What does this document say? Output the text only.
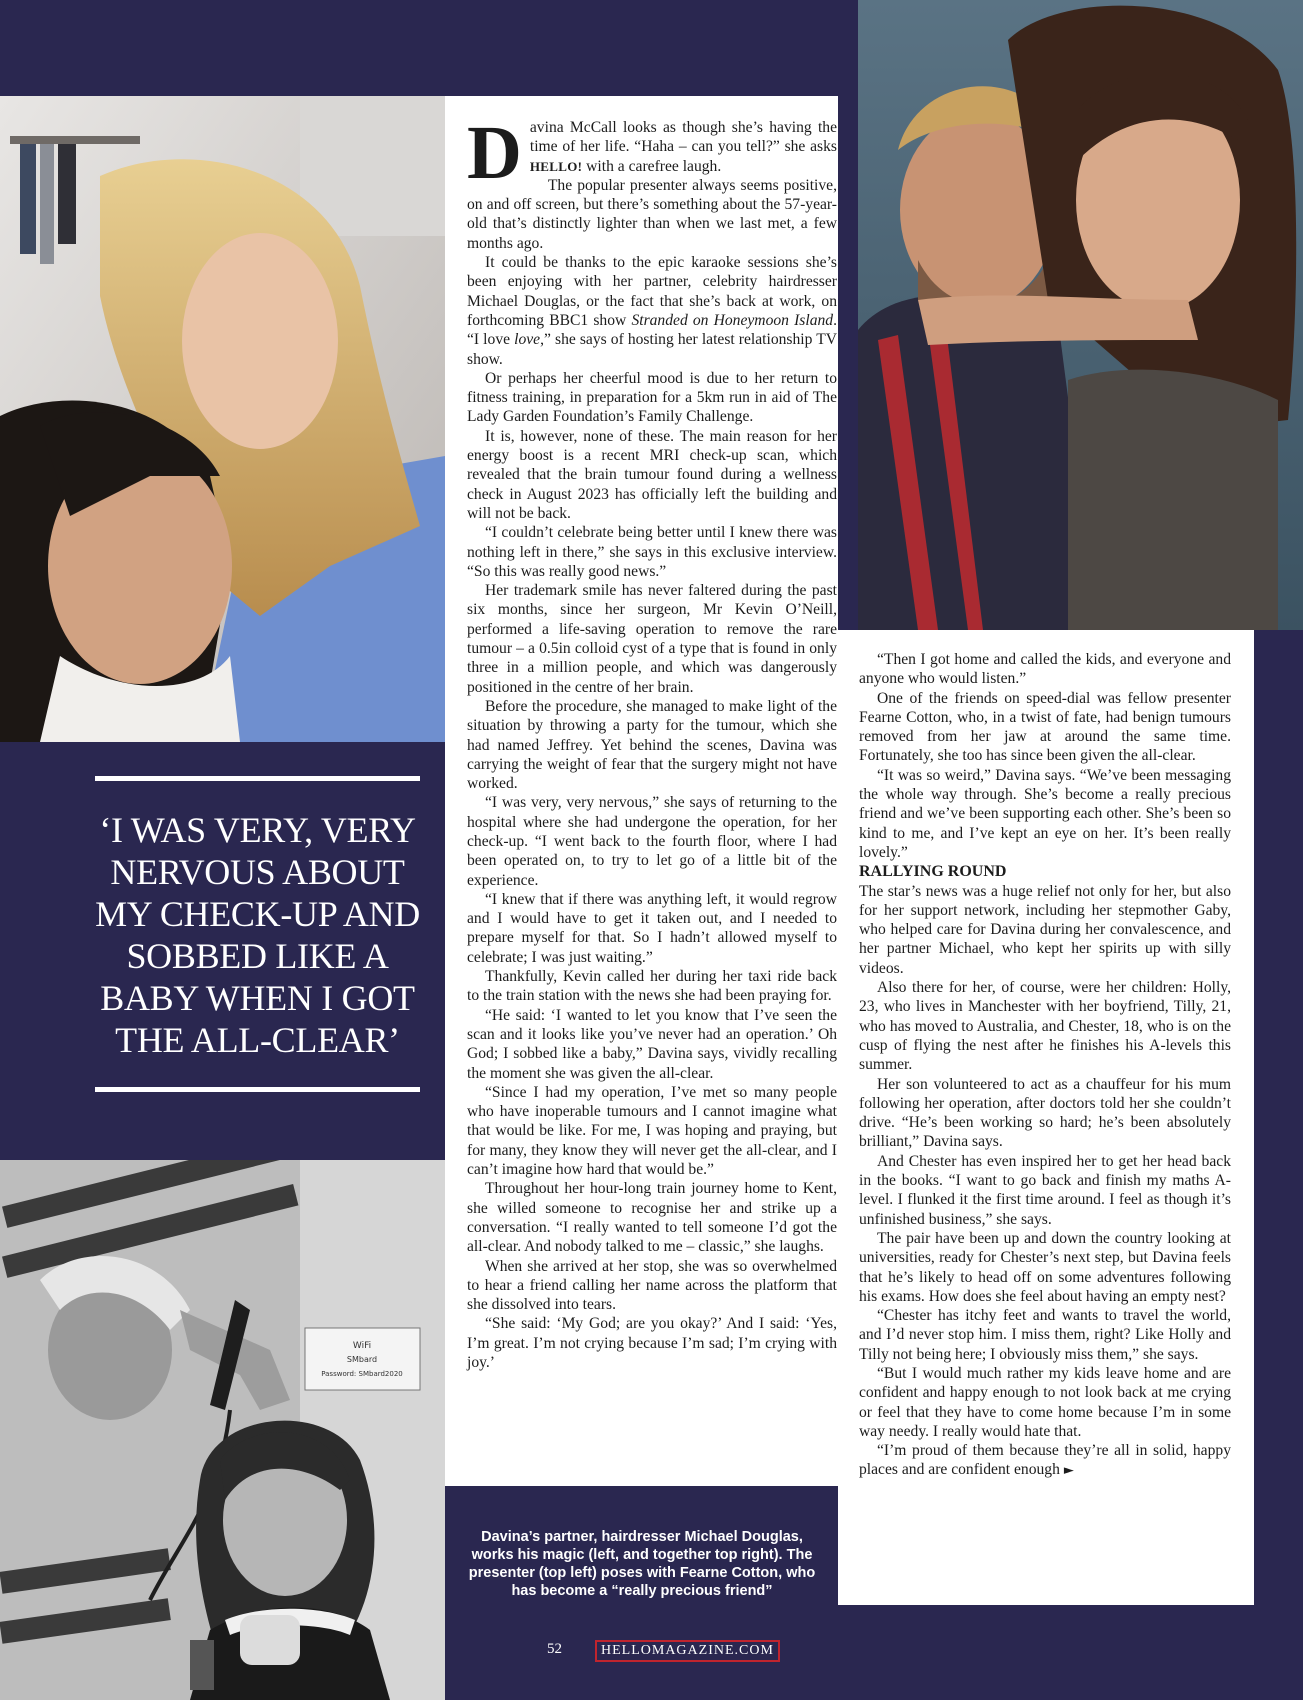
WiFi
SMbard
Password: SMbard2020

Davina McCall looks as though she’s having the time of her life. “Haha – can you tell?” she asks HELLO! with a carefree laugh.

The popular presenter always seems positive, on and off screen, but there’s something about the 57-year-old that’s distinctly lighter than when we last met, a few months ago.

It could be thanks to the epic karaoke sessions she’s been enjoying with her partner, celebrity hairdresser Michael Douglas, or the fact that she’s back at work, on forthcoming BBC1 show Stranded on Honeymoon Island. “I love love,” she says of hosting her latest relationship TV show.

Or perhaps her cheerful mood is due to her return to fitness training, in preparation for a 5km run in aid of The Lady Garden Foundation’s Family Challenge.

It is, however, none of these. The main reason for her energy boost is a recent MRI check-up scan, which revealed that the brain tumour found during a wellness check in August 2023 has officially left the building and will not be back.

“I couldn’t celebrate being better until I knew there was nothing left in there,” she says in this exclusive interview. “So this was really good news.”

Her trademark smile has never faltered during the past six months, since her surgeon, Mr Kevin O’Neill, performed a life-saving operation to remove the rare tumour – a 0.5in colloid cyst of a type that is found in only three in a million people, and which was dangerously positioned in the centre of her brain.

Before the procedure, she managed to make light of the situation by throwing a party for the tumour, which she had named Jeffrey. Yet behind the scenes, Davina was carrying the weight of fear that the surgery might not have worked.

“I was very, very nervous,” she says of returning to the hospital where she had undergone the operation, for her check-up. “I went back to the fourth floor, where I had been operated on, to try to let go of a little bit of the experience.

“I knew that if there was anything left, it would regrow and I would have to get it taken out, and I needed to prepare myself for that. So I hadn’t allowed myself to celebrate; I was just waiting.”

Thankfully, Kevin called her during her taxi ride back to the train station with the news she had been praying for.

“He said: ‘I wanted to let you know that I’ve seen the scan and it looks like you’ve never had an operation.’ Oh God; I sobbed like a baby,” Davina says, vividly recalling the moment she was given the all-clear.

“Since I had my operation, I’ve met so many people who have inoperable tumours and I cannot imagine what that would be like. For me, I was hoping and praying, but for many, they know they will never get the all-clear, and I can’t imagine how hard that would be.”

Throughout her hour-long train journey home to Kent, she willed someone to recognise her and strike up a conversation. “I really wanted to tell someone I’d got the all-clear. And nobody talked to me – classic,” she laughs.

When she arrived at her stop, she was so overwhelmed to hear a friend calling her name across the platform that she dissolved into tears.

“She said: ‘My God; are you okay?’ And I said: ‘Yes, I’m great. I’m not crying because I’m sad; I’m crying with joy.’

“Then I got home and called the kids, and everyone and anyone who would listen.”

One of the friends on speed-dial was fellow presenter Fearne Cotton, who, in a twist of fate, had benign tumours removed from her jaw at around the same time. Fortunately, she too has since been given the all-clear.

“It was so weird,” Davina says. “We’ve been messaging the whole way through. She’s become a really precious friend and we’ve been supporting each other. She’s been so kind to me, and I’ve kept an eye on her. It’s been really lovely.”

RALLYING ROUND

The star’s news was a huge relief not only for her, but also for her support network, including her stepmother Gaby, who helped care for Davina during her convalescence, and her partner Michael, who kept her spirits up with silly videos.

Also there for her, of course, were her children: Holly, 23, who lives in Manchester with her boyfriend, Tilly, 21, who has moved to Australia, and Chester, 18, who is on the cusp of flying the nest after he finishes his A-levels this summer.

Her son volunteered to act as a chauffeur for his mum following her operation, after doctors told her she couldn’t drive. “He’s been working so hard; he’s been absolutely brilliant,” Davina says.

And Chester has even inspired her to get her head back in the books. “I want to go back and finish my maths A-level. I flunked it the first time around. I feel as though it’s unfinished business,” she says.

The pair have been up and down the country looking at universities, ready for Chester’s next step, but Davina feels that he’s likely to head off on some adventures following his exams. How does she feel about having an empty nest?

“Chester has itchy feet and wants to travel the world, and I’d never stop him. I miss them, right? Like Holly and Tilly not being here; I obviously miss them,” she says.

“But I would much rather my kids leave home and are confident and happy enough to not look back at me crying or feel that they have to come home because I’m in some way needy. I really would hate that.

“I’m proud of them because they’re all in solid, happy places and are confident enough ►

‘I WAS VERY, VERY NERVOUS ABOUT MY CHECK-UP AND SOBBED LIKE A BABY WHEN I GOT THE ALL-CLEAR’
Davina’s partner, hairdresser Michael Douglas, works his magic (left, and together top right). The presenter (top left) poses with Fearne Cotton, who has become a “really precious friend”
52	HELLOMAGAZINE.COM
